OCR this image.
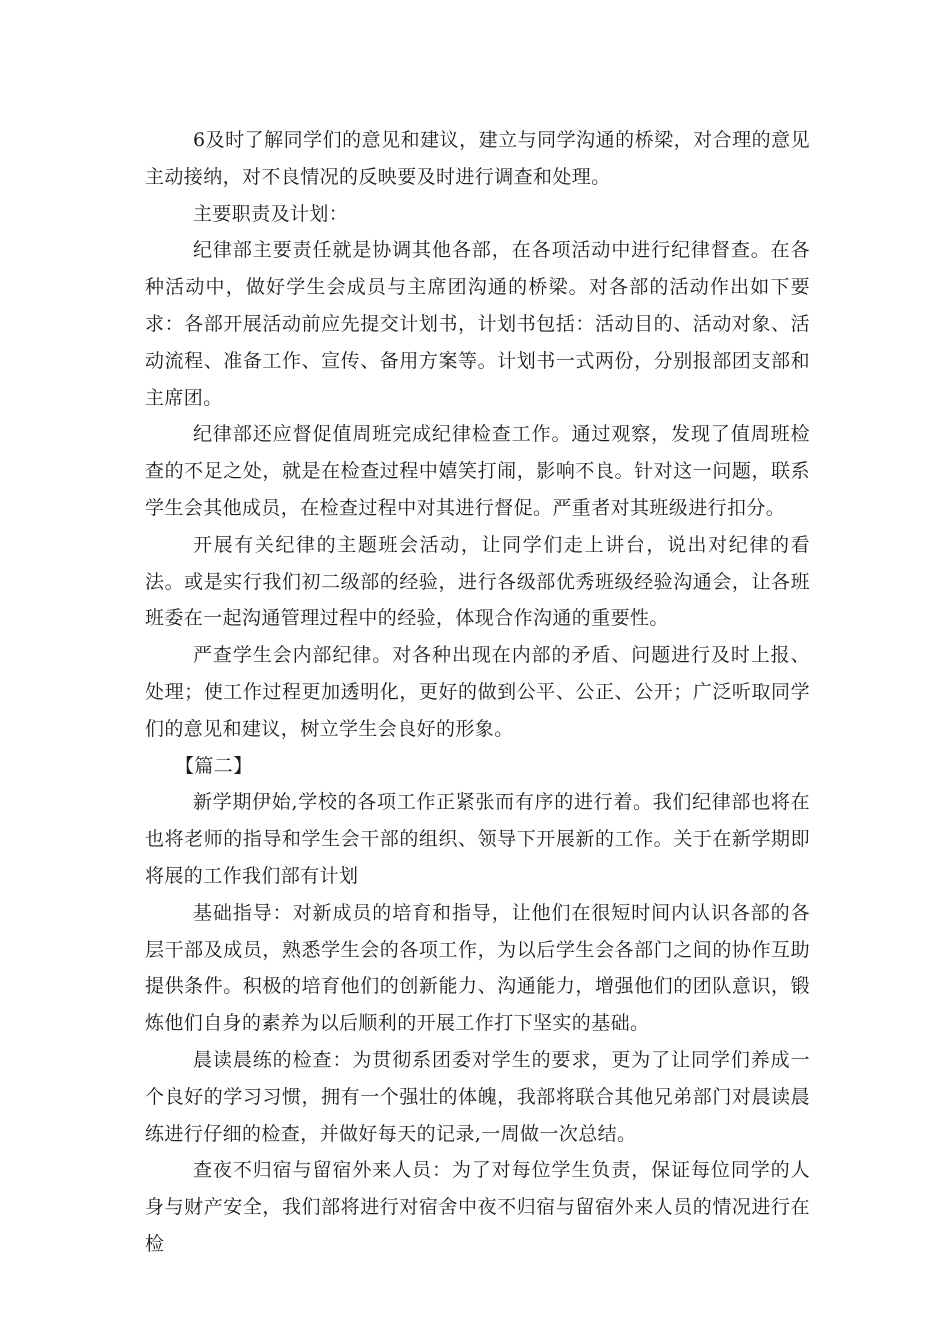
6及时了解同学们的意见和建议，建立与同学沟通的桥梁，对合理的意见主动接纳，对不良情况的反映要及时进行调查和处理。

主要职责及计划：

纪律部主要责任就是协调其他各部，在各项活动中进行纪律督查。在各种活动中，做好学生会成员与主席团沟通的桥梁。对各部的活动作出如下要求：各部开展活动前应先提交计划书，计划书包括：活动目的、活动对象、活动流程、准备工作、宣传、备用方案等。计划书一式两份，分别报部团支部和主席团。

纪律部还应督促值周班完成纪律检查工作。通过观察，发现了值周班检查的不足之处，就是在检查过程中嬉笑打闹，影响不良。针对这一问题，联系学生会其他成员，在检查过程中对其进行督促。严重者对其班级进行扣分。

开展有关纪律的主题班会活动，让同学们走上讲台，说出对纪律的看法。或是实行我们初二级部的经验，进行各级部优秀班级经验沟通会，让各班班委在一起沟通管理过程中的经验，体现合作沟通的重要性。

严查学生会内部纪律。对各种出现在内部的矛盾、问题进行及时上报、处理；使工作过程更加透明化，更好的做到公平、公正、公开；广泛听取同学们的意见和建议，树立学生会良好的形象。

【篇二】

新学期伊始,学校的各项工作正紧张而有序的进行着。我们纪律部也将在也将老师的指导和学生会干部的组织、领导下开展新的工作。关于在新学期即将展的工作我们部有计划

基础指导：对新成员的培育和指导，让他们在很短时间内认识各部的各层干部及成员，熟悉学生会的各项工作，为以后学生会各部门之间的协作互助提供条件。积极的培育他们的创新能力、沟通能力，增强他们的团队意识，锻炼他们自身的素养为以后顺利的开展工作打下坚实的基础。

晨读晨练的检查：为贯彻系团委对学生的要求，更为了让同学们养成一个良好的学习习惯，拥有一个强壮的体魄，我部将联合其他兄弟部门对晨读晨练进行仔细的检查，并做好每天的记录,一周做一次总结。

查夜不归宿与留宿外来人员：为了对每位学生负责，保证每位同学的人身与财产安全，我们部将进行对宿舍中夜不归宿与留宿外来人员的情况进行在检
